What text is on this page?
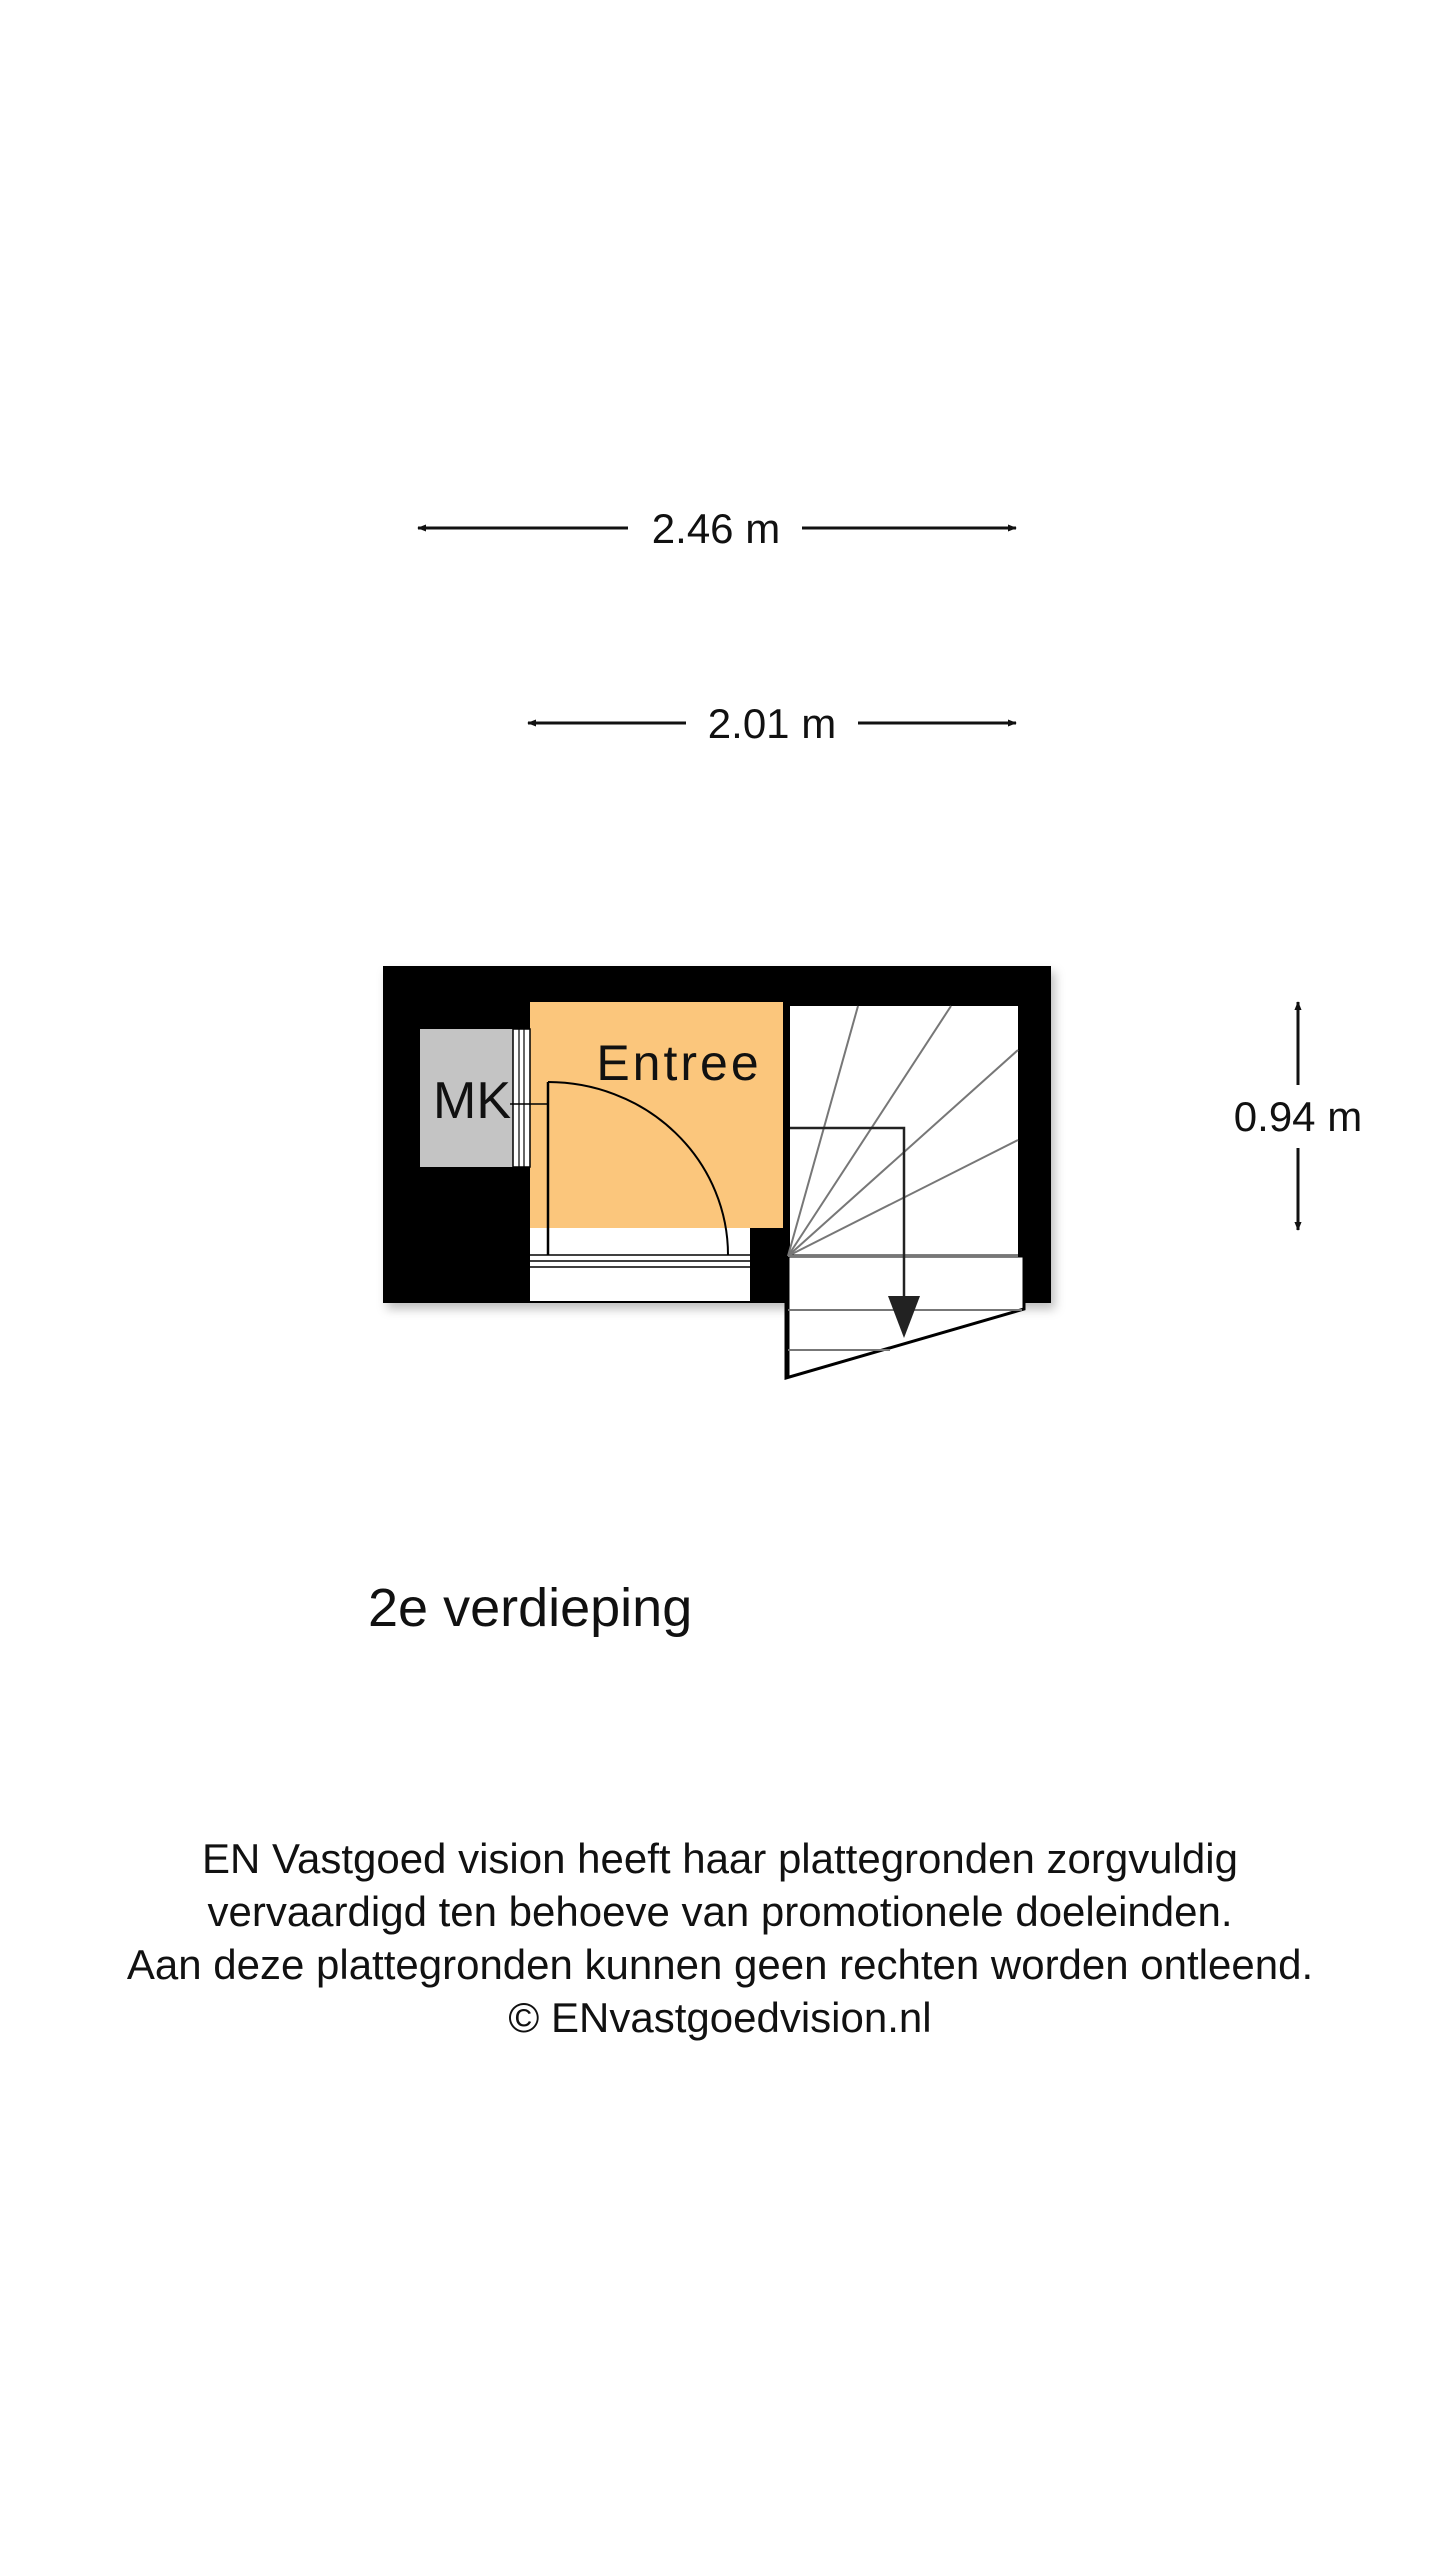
2.46 m
2.01 m
0.94 m
Entree
MK
2e verdieping
EN Vastgoed vision heeft haar plattegronden zorgvuldig
vervaardigd ten behoeve van promotionele doeleinden.
Aan deze plattegronden kunnen geen rechten worden ontleend.
© ENvastgoedvision.nl
